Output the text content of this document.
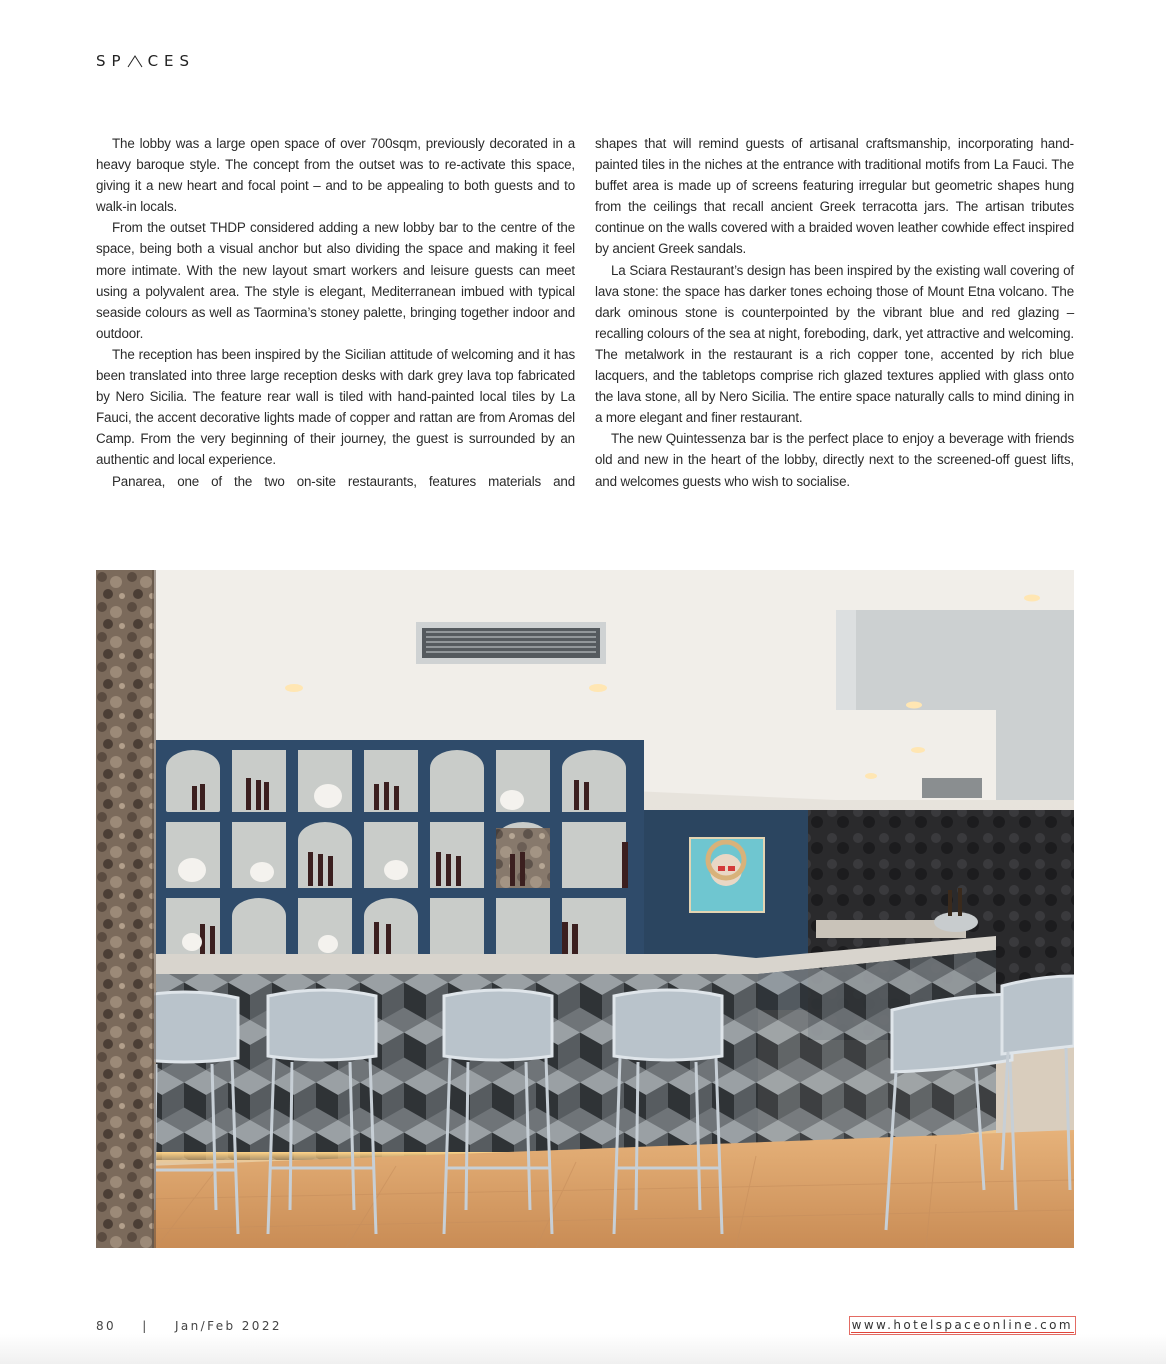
SP CES

The lobby was a large open space of over 700sqm, previously decorated in a heavy baroque style. The concept from the outset was to re-activate this space, giving it a new heart and focal point – and to be appealing to both guests and to walk-in locals.

From the outset THDP considered adding a new lobby bar to the centre of the space, being both a visual anchor but also dividing the space and making it feel more intimate. With the new layout smart workers and leisure guests can meet using a polyvalent area. The style is elegant, Mediterranean imbued with typical seaside colours as well as Taormina’s stoney palette, bringing together indoor and outdoor.

The reception has been inspired by the Sicilian attitude of welcoming and it has been translated into three large reception desks with dark grey lava top fabricated by Nero Sicilia. The feature rear wall is tiled with hand-painted local tiles by La Fauci, the accent decorative lights made of copper and rattan are from Aromas del Camp. From the very beginning of their journey, the guest is surrounded by an authentic and local experience.

Panarea, one of the two on-site restaurants, features materials and

shapes that will remind guests of artisanal craftsmanship, incorporating hand-painted tiles in the niches at the entrance with traditional motifs from La Fauci. The buffet area is made up of screens featuring irregular but geometric shapes hung from the ceilings that recall ancient Greek terracotta jars. The artisan tributes continue on the walls covered with a braided woven leather cowhide effect inspired by ancient Greek sandals.

La Sciara Restaurant’s design has been inspired by the existing wall covering of lava stone: the space has darker tones echoing those of Mount Etna volcano. The dark ominous stone is counterpointed by the vibrant blue and red glazing – recalling colours of the sea at night, foreboding, dark, yet attractive and welcoming. The metalwork in the restaurant is a rich copper tone, accented by rich blue lacquers, and the tabletops comprise rich glazed textures applied with glass onto the lava stone, all by Nero Sicilia. The entire space naturally calls to mind dining in a more elegant and finer restaurant.

The new Quintessenza bar is the perfect place to enjoy a beverage with friends old and new in the heart of the lobby, directly next to the screened-off guest lifts, and welcomes guests who wish to socialise.

80 | Jan/Feb 2022	www.hotelspaceonline.com
